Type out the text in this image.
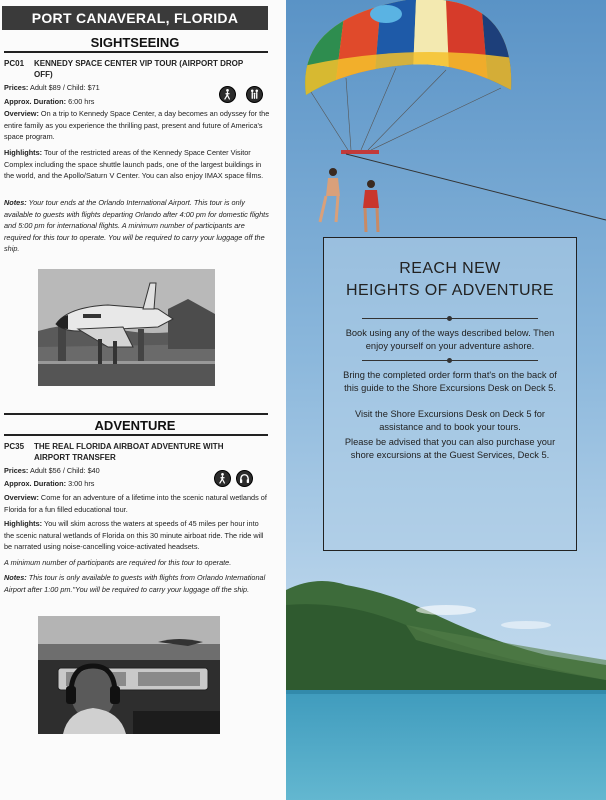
PORT CANAVERAL, FLORIDA
SIGHTSEEING
PC01 KENNEDY SPACE CENTER VIP TOUR (AIRPORT DROP OFF)
Prices: Adult $89 / Child: $71
Approx. Duration: 6:00 hrs
Overview: On a trip to Kennedy Space Center, a day becomes an odyssey for the entire family as you experience the thrilling past, present and future of America's space program.
Highlights: Tour of the restricted areas of the Kennedy Space Center Visitor Complex including the space shuttle launch pads, one of the largest buildings in the world, and the Apollo/Saturn V Center. You can also enjoy IMAX space films.
Notes: Your tour ends at the Orlando International Airport. This tour is only available to guests with flights departing Orlando after 4:00 pm for domestic flights and 5:00 pm for international flights. A minimum number of participants are required for this tour to operate. You will be required to carry your luggage off the ship.
ADVENTURE
PC35 THE REAL FLORIDA AIRBOAT ADVENTURE WITH AIRPORT TRANSFER
Prices: Adult $56 / Child: $40
Approx. Duration: 3:00 hrs
Overview: Come for an adventure of a lifetime into the scenic natural wetlands of Florida for a fun filled educational tour.
Highlights: You will skim across the waters at speeds of 45 miles per hour into the scenic natural wetlands of Florida on this 30 minute airboat ride. The ride will be narrated using noise-cancelling voice-activated headsets.
A minimum number of participants are required for this tour to operate.
Notes: This tour is only available to guests with flights from Orlando International Airport after 1:00 pm."You will be required to carry your luggage off the ship.
REACH NEW
HEIGHTS OF ADVENTURE
Book using any of the ways described below. Then enjoy yourself on your adventure ashore.
Bring the completed order form that's on the back of this guide to the Shore Excursions Desk on Deck 5.
Visit the Shore Excursions Desk on Deck 5 for assistance and to book your tours.
Please be advised that you can also purchase your shore excursions at the Guest Services, Deck 5.
